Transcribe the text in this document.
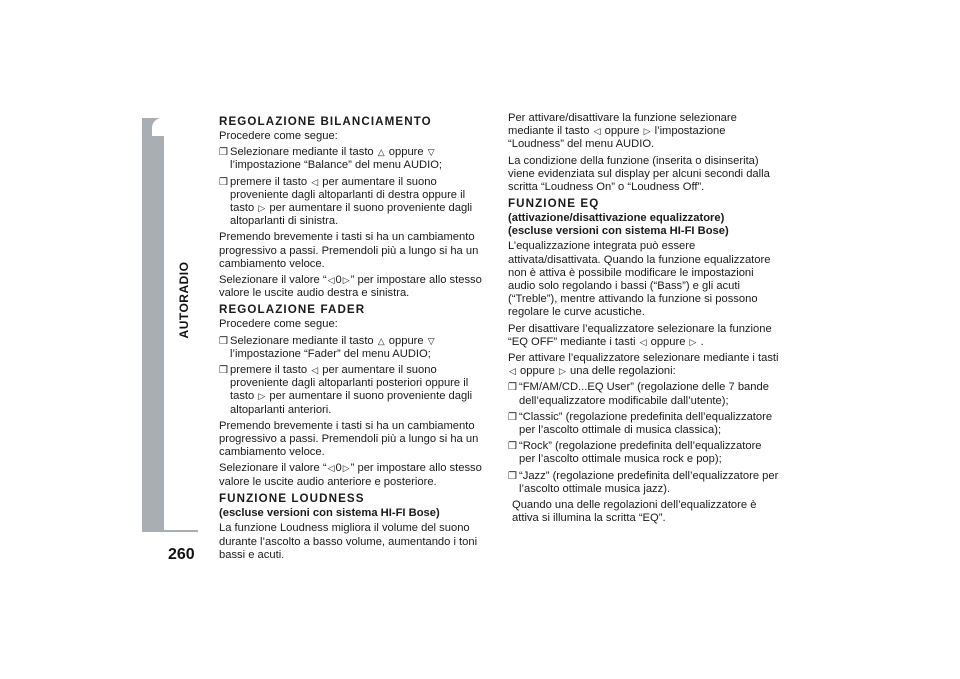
AUTORADIO
260
REGOLAZIONE BILANCIAMENTO
Procedere come segue:
❒ Selezionare mediante il tasto △ oppure ▽ l’impostazione “Balance” del menu AUDIO;
❒ premere il tasto ◁ per aumentare il suono proveniente dagli altoparlanti di destra oppure il tasto ▷ per aumentare il suono proveniente dagli altoparlanti di sinistra.
Premendo brevemente i tasti si ha un cambiamento progressivo a passi. Premendoli più a lungo si ha un cambiamento veloce.
Selezionare il valore “◁0▷” per impostare allo stesso valore le uscite audio destra e sinistra.
REGOLAZIONE FADER
Procedere come segue:
❒ Selezionare mediante il tasto △ oppure ▽ l’impostazione “Fader” del menu AUDIO;
❒ premere il tasto ◁ per aumentare il suono proveniente dagli altoparlanti posteriori oppure il tasto ▷ per aumentare il suono proveniente dagli altoparlanti anteriori.
Premendo brevemente i tasti si ha un cambiamento progressivo a passi. Premendoli più a lungo si ha un cambiamento veloce.
Selezionare il valore “◁0▷” per impostare allo stesso valore le uscite audio anteriore e posteriore.
FUNZIONE LOUDNESS
(escluse versioni con sistema HI-FI Bose)
La funzione Loudness migliora il volume del suono durante l’ascolto a basso volume, aumentando i toni bassi e acuti.
Per attivare/disattivare la funzione selezionare mediante il tasto ◁ oppure ▷ l’impostazione “Loudness” del menu AUDIO.
La condizione della funzione (inserita o disinserita) viene evidenziata sul display per alcuni secondi dalla scritta “Loudness On” o “Loudness Off”.
FUNZIONE EQ
(attivazione/disattivazione equalizzatore)
(escluse versioni con sistema HI-FI Bose)
L’equalizzazione integrata può essere attivata/disattivata. Quando la funzione equalizzatore non è attiva è possibile modificare le impostazioni audio solo regolando i bassi (“Bass”) e gli acuti (“Treble”), mentre attivando la funzione si possono regolare le curve acustiche.
Per disattivare l’equalizzatore selezionare la funzione “EQ OFF” mediante i tasti ◁ oppure ▷ .
Per attivare l’equalizzatore selezionare mediante i tasti ◁ oppure ▷ una delle regolazioni:
❒ “FM/AM/CD...EQ User” (regolazione delle 7 bande dell’equalizzatore modificabile dall’utente);
❒ “Classic” (regolazione predefinita dell’equalizzatore per l’ascolto ottimale di musica classica);
❒ “Rock” (regolazione predefinita dell’equalizzatore per l’ascolto ottimale musica rock e pop);
❒ “Jazz” (regolazione predefinita dell’equalizzatore per l’ascolto ottimale musica jazz).
Quando una delle regolazioni dell’equalizzatore è attiva si illumina la scritta “EQ”.
